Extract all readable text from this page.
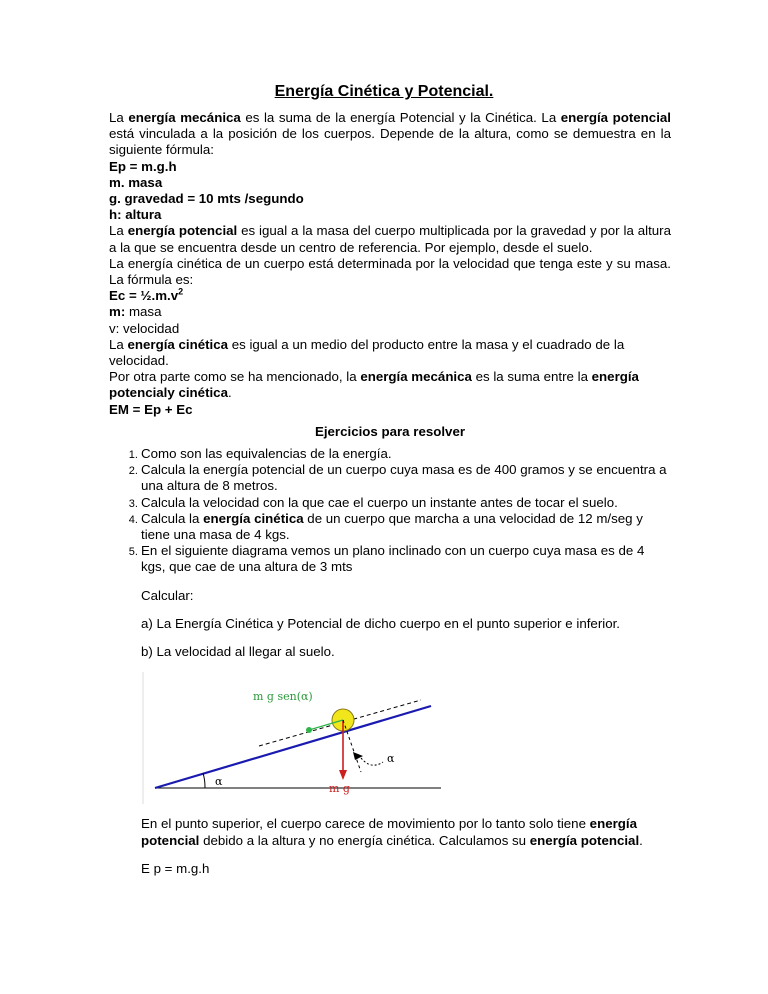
Energía Cinética y Potencial.

La energía mecánica es la suma de la energía Potencial y la Cinética. La energía potencial está vinculada a la posición de los cuerpos. Depende de la altura, como se demuestra en la siguiente fórmula:

Ep = m.g.h

m. masa

g. gravedad = 10 mts /segundo

h: altura

La energía potencial es igual a la masa del cuerpo multiplicada por la gravedad y por la altura a la que se encuentra desde un centro de referencia. Por ejemplo, desde el suelo.

La energía cinética de un cuerpo está determinada por la velocidad que tenga este y su masa. La fórmula es:

$Ec = \frac{1}{2}.m.v^2$

m: masa

v: velocidad

La energía cinética es igual a un medio del producto entre la masa y el cuadrado de la velocidad.

Por otra parte como se ha mencionado, la energía mecánica es la suma entre la energía potencialy cinética.

EM = Ep + Ec

Ejercicios para resolver

1. Como son las equivalencias de la energía.
2. Calcula la energía potencial de un cuerpo cuya masa es de 400 gramos y se encuentra a una altura de 8 metros.
3. Calcula la velocidad con la que cae el cuerpo un instante antes de tocar el suelo.
4. Calcula la energía cinética de un cuerpo que marcha a una velocidad de 12 m/seg y tiene una masa de 4 kgs.
5. En el siguiente diagrama vemos un plano inclinado con un cuerpo cuya masa es de 4 kgs, que cae de una altura de 3 mts

Calcular:

a) La Energía Cinética y Potencial de dicho cuerpo en el punto superior e inferior.

b) La velocidad al llegar al suelo.

α
m g sen(α)
α
m g

En el punto superior, el cuerpo carece de movimiento por lo tanto solo tiene energía potencial debido a la altura y no energía cinética. Calculamos su energía potencial.

E p = m.g.h
